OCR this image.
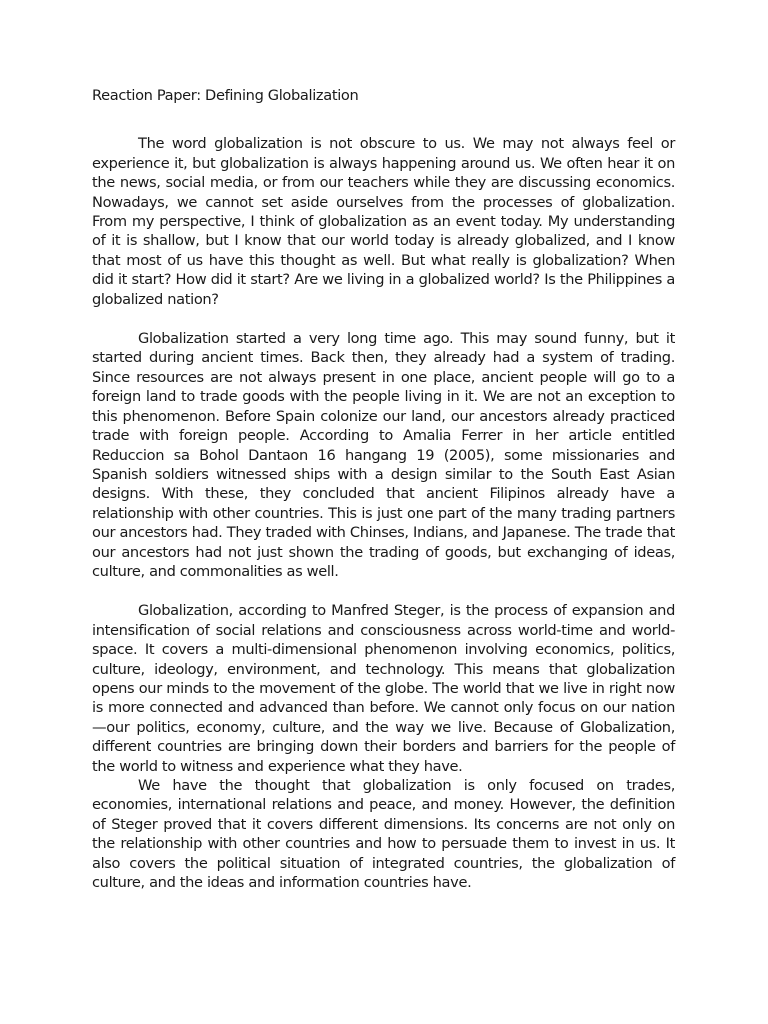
Reaction Paper: Defining Globalization

The word globalization is not obscure to us. We may not always feel or experience it, but globalization is always happening around us. We often hear it on the news, social media, or from our teachers while they are discussing economics. Nowadays, we cannot set aside ourselves from the processes of globalization. From my perspective, I think of globalization as an event today. My understanding of it is shallow, but I know that our world today is already globalized, and I know that most of us have this thought as well. But what really is globalization? When did it start? How did it start? Are we living in a globalized world? Is the Philippines a globalized nation?

Globalization started a very long time ago. This may sound funny, but it started during ancient times. Back then, they already had a system of trading. Since resources are not always present in one place, ancient people will go to a foreign land to trade goods with the people living in it. We are not an exception to this phenomenon. Before Spain colonize our land, our ancestors already practiced trade with foreign people. According to Amalia Ferrer in her article entitled Reduccion sa Bohol Dantaon 16 hangang 19 (2005), some missionaries and Spanish soldiers witnessed ships with a design similar to the South East Asian designs. With these, they concluded that ancient Filipinos already have a relationship with other countries. This is just one part of the many trading partners our ancestors had. They traded with Chinses, Indians, and Japanese. The trade that our ancestors had not just shown the trading of goods, but exchanging of ideas, culture, and commonalities as well.

Globalization, according to Manfred Steger, is the process of expansion and intensification of social relations and consciousness across world-time and world-space. It covers a multi-dimensional phenomenon involving economics, politics, culture, ideology, environment, and technology. This means that globalization opens our minds to the movement of the globe. The world that we live in right now is more connected and advanced than before. We cannot only focus on our nation—our politics, economy, culture, and the way we live. Because of Globalization, different countries are bringing down their borders and barriers for the people of the world to witness and experience what they have.

We have the thought that globalization is only focused on trades, economies, international relations and peace, and money. However, the definition of Steger proved that it covers different dimensions. Its concerns are not only on the relationship with other countries and how to persuade them to invest in us. It also covers the political situation of integrated countries, the globalization of culture, and the ideas and information countries have.
